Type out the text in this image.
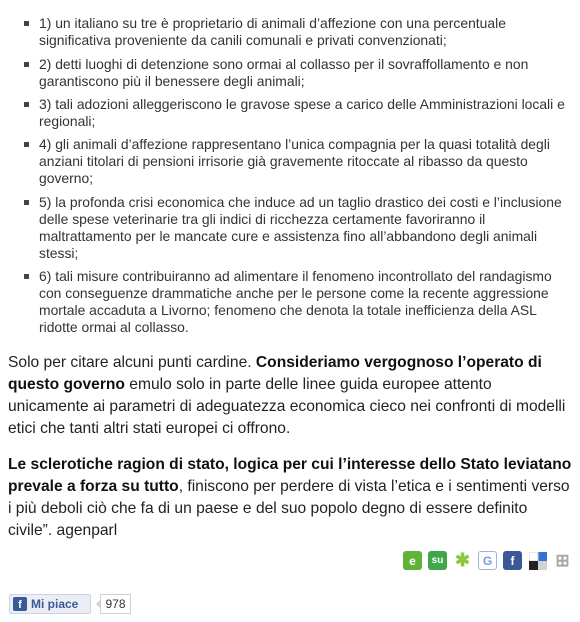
1) un italiano su tre è proprietario di animali d’affezione con una percentuale significativa proveniente da canili comunali e privati convenzionati;
2) detti luoghi di detenzione sono ormai al collasso per il sovraffollamento e non garantiscono più il benessere degli animali;
3) tali adozioni alleggeriscono le gravose spese a carico delle Amministrazioni locali e regionali;
4) gli animali d’affezione rappresentano l’unica compagnia per la quasi totalità degli anziani titolari di pensioni irrisorie già gravemente ritoccate al ribasso da questo governo;
5) la profonda crisi economica che induce ad un taglio drastico dei costi e l’inclusione delle spese veterinarie tra gli indici di ricchezza certamente favoriranno il maltrattamento per le mancate cure e assistenza fino all’abbandono degli animali stessi;
6) tali misure contribuiranno ad alimentare il fenomeno incontrollato del randagismo con conseguenze drammatiche anche per le persone come la recente aggressione mortale accaduta a Livorno; fenomeno che denota la totale inefficienza della ASL ridotte ormai al collasso.
Solo per citare alcuni punti cardine. Consideriamo vergognoso l’operato di questo governo emulo solo in parte delle linee guida europee attento unicamente ai parametri di adeguatezza economica cieco nei confronti di modelli etici che tanti altri stati europei ci offrono.
Le sclerotiche ragion di stato, logica per cui l’interesse dello Stato leviatano prevale a forza su tutto, finiscono per perdere di vista l’etica e i sentimenti verso i più deboli ciò che fa di un paese e del suo popolo degno di essere definito civile”. agenparl
e	su ✱	G	f	⊞
f Mi piace	978
